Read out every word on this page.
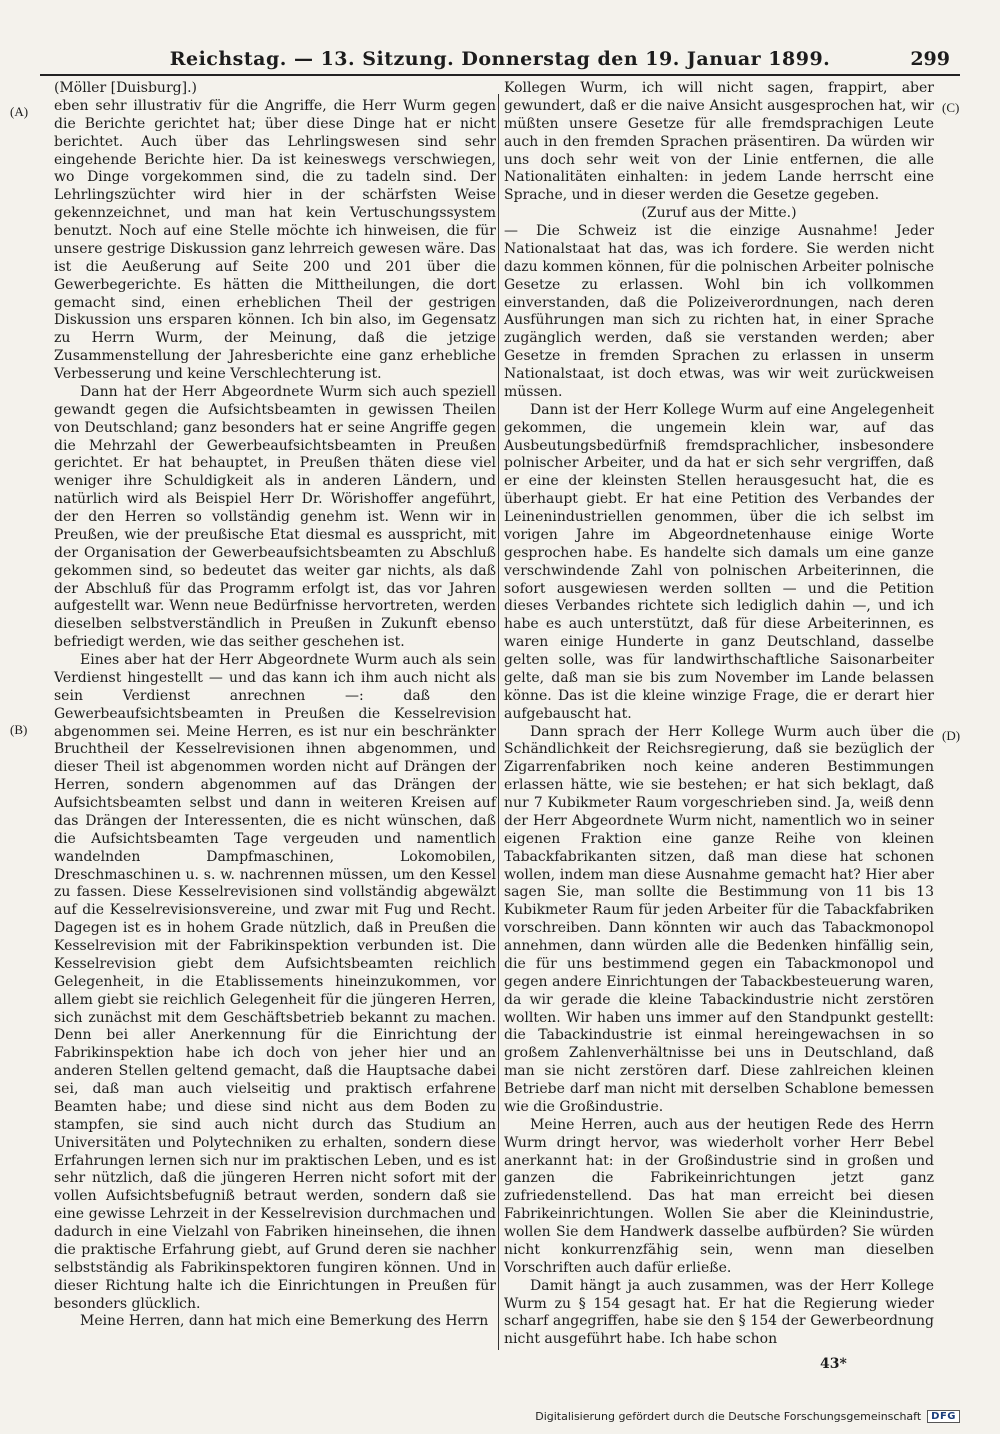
Reichstag. — 13. Sitzung. Donnerstag den 19. Januar 1899.	299
(A)
(B)
(C)
(D)

(Möller [Duisburg].)

eben sehr illustrativ für die Angriffe, die Herr Wurm gegen die Berichte gerichtet hat; über diese Dinge hat er nicht berichtet. Auch über das Lehrlingswesen sind sehr eingehende Berichte hier. Da ist keineswegs verschwiegen, wo Dinge vorgekommen sind, die zu tadeln sind. Der Lehrlingszüchter wird hier in der schärfsten Weise gekennzeichnet, und man hat kein Vertuschungssystem benutzt. Noch auf eine Stelle möchte ich hinweisen, die für unsere gestrige Diskussion ganz lehrreich gewesen wäre. Das ist die Aeußerung auf Seite 200 und 201 über die Gewerbegerichte. Es hätten die Mittheilungen, die dort gemacht sind, einen erheblichen Theil der gestrigen Diskussion uns ersparen können. Ich bin also, im Gegensatz zu Herrn Wurm, der Meinung, daß die jetzige Zusammenstellung der Jahresberichte eine ganz erhebliche Verbesserung und keine Verschlechterung ist.

Dann hat der Herr Abgeordnete Wurm sich auch speziell gewandt gegen die Aufsichtsbeamten in gewissen Theilen von Deutschland; ganz besonders hat er seine Angriffe gegen die Mehrzahl der Gewerbeaufsichtsbeamten in Preußen gerichtet. Er hat behauptet, in Preußen thäten diese viel weniger ihre Schuldigkeit als in anderen Ländern, und natürlich wird als Beispiel Herr Dr. Wörishoffer angeführt, der den Herren so vollständig genehm ist. Wenn wir in Preußen, wie der preußische Etat diesmal es ausspricht, mit der Organisation der Gewerbeaufsichtsbeamten zu Abschluß gekommen sind, so bedeutet das weiter gar nichts, als daß der Abschluß für das Programm erfolgt ist, das vor Jahren aufgestellt war. Wenn neue Bedürfnisse hervortreten, werden dieselben selbstverständlich in Preußen in Zukunft ebenso befriedigt werden, wie das seither geschehen ist.

Eines aber hat der Herr Abgeordnete Wurm auch als sein Verdienst hingestellt — und das kann ich ihm auch nicht als sein Verdienst anrechnen —: daß den Gewerbeaufsichtsbeamten in Preußen die Kesselrevision abgenommen sei. Meine Herren, es ist nur ein beschränkter Bruchtheil der Kesselrevisionen ihnen abgenommen, und dieser Theil ist abgenommen worden nicht auf Drängen der Herren, sondern abgenommen auf das Drängen der Aufsichtsbeamten selbst und dann in weiteren Kreisen auf das Drängen der Interessenten, die es nicht wünschen, daß die Aufsichtsbeamten Tage vergeuden und namentlich wandelnden Dampfmaschinen, Lokomobilen, Dreschmaschinen u. s. w. nachrennen müssen, um den Kessel zu fassen. Diese Kesselrevisionen sind vollständig abgewälzt auf die Kesselrevisionsvereine, und zwar mit Fug und Recht. Dagegen ist es in hohem Grade nützlich, daß in Preußen die Kesselrevision mit der Fabrikinspektion verbunden ist. Die Kesselrevision giebt dem Aufsichtsbeamten reichlich Gelegenheit, in die Etablissements hineinzukommen, vor allem giebt sie reichlich Gelegenheit für die jüngeren Herren, sich zunächst mit dem Geschäftsbetrieb bekannt zu machen. Denn bei aller Anerkennung für die Einrichtung der Fabrikinspektion habe ich doch von jeher hier und an anderen Stellen geltend gemacht, daß die Hauptsache dabei sei, daß man auch vielseitig und praktisch erfahrene Beamten habe; und diese sind nicht aus dem Boden zu stampfen, sie sind auch nicht durch das Studium an Universitäten und Polytechniken zu erhalten, sondern diese Erfahrungen lernen sich nur im praktischen Leben, und es ist sehr nützlich, daß die jüngeren Herren nicht sofort mit der vollen Aufsichtsbefugniß betraut werden, sondern daß sie eine gewisse Lehrzeit in der Kesselrevision durchmachen und dadurch in eine Vielzahl von Fabriken hineinsehen, die ihnen die praktische Erfahrung giebt, auf Grund deren sie nachher selbstständig als Fabrikinspektoren fungiren können. Und in dieser Richtung halte ich die Einrichtungen in Preußen für besonders glücklich.

Meine Herren, dann hat mich eine Bemerkung des Herrn

Kollegen Wurm, ich will nicht sagen, frappirt, aber gewundert, daß er die naive Ansicht ausgesprochen hat, wir müßten unsere Gesetze für alle fremdsprachigen Leute auch in den fremden Sprachen präsentiren. Da würden wir uns doch sehr weit von der Linie entfernen, die alle Nationalitäten einhalten: in jedem Lande herrscht eine Sprache, und in dieser werden die Gesetze gegeben.

(Zuruf aus der Mitte.)

— Die Schweiz ist die einzige Ausnahme! Jeder Nationalstaat hat das, was ich fordere. Sie werden nicht dazu kommen können, für die polnischen Arbeiter polnische Gesetze zu erlassen. Wohl bin ich vollkommen einverstanden, daß die Polizeiverordnungen, nach deren Ausführungen man sich zu richten hat, in einer Sprache zugänglich werden, daß sie verstanden werden; aber Gesetze in fremden Sprachen zu erlassen in unserm Nationalstaat, ist doch etwas, was wir weit zurückweisen müssen.

Dann ist der Herr Kollege Wurm auf eine Angelegenheit gekommen, die ungemein klein war, auf das Ausbeutungsbedürfniß fremdsprachlicher, insbesondere polnischer Arbeiter, und da hat er sich sehr vergriffen, daß er eine der kleinsten Stellen herausgesucht hat, die es überhaupt giebt. Er hat eine Petition des Verbandes der Leinenindustriellen genommen, über die ich selbst im vorigen Jahre im Abgeordnetenhause einige Worte gesprochen habe. Es handelte sich damals um eine ganze verschwindende Zahl von polnischen Arbeiterinnen, die sofort ausgewiesen werden sollten — und die Petition dieses Verbandes richtete sich lediglich dahin —, und ich habe es auch unterstützt, daß für diese Arbeiterinnen, es waren einige Hunderte in ganz Deutschland, dasselbe gelten solle, was für landwirthschaftliche Saisonarbeiter gelte, daß man sie bis zum November im Lande belassen könne. Das ist die kleine winzige Frage, die er derart hier aufgebauscht hat.

Dann sprach der Herr Kollege Wurm auch über die Schändlichkeit der Reichsregierung, daß sie bezüglich der Zigarrenfabriken noch keine anderen Bestimmungen erlassen hätte, wie sie bestehen; er hat sich beklagt, daß nur 7 Kubikmeter Raum vorgeschrieben sind. Ja, weiß denn der Herr Abgeordnete Wurm nicht, namentlich wo in seiner eigenen Fraktion eine ganze Reihe von kleinen Tabackfabrikanten sitzen, daß man diese hat schonen wollen, indem man diese Ausnahme gemacht hat? Hier aber sagen Sie, man sollte die Bestimmung von 11 bis 13 Kubikmeter Raum für jeden Arbeiter für die Tabackfabriken vorschreiben. Dann könnten wir auch das Tabackmonopol annehmen, dann würden alle die Bedenken hinfällig sein, die für uns bestimmend gegen ein Tabackmonopol und gegen andere Einrichtungen der Tabackbesteuerung waren, da wir gerade die kleine Tabackindustrie nicht zerstören wollten. Wir haben uns immer auf den Standpunkt gestellt: die Tabackindustrie ist einmal hereingewachsen in so großem Zahlenverhältnisse bei uns in Deutschland, daß man sie nicht zerstören darf. Diese zahlreichen kleinen Betriebe darf man nicht mit derselben Schablone bemessen wie die Großindustrie.

Meine Herren, auch aus der heutigen Rede des Herrn Wurm dringt hervor, was wiederholt vorher Herr Bebel anerkannt hat: in der Großindustrie sind in großen und ganzen die Fabrikeinrichtungen jetzt ganz zufriedenstellend. Das hat man erreicht bei diesen Fabrikeinrichtungen. Wollen Sie aber die Kleinindustrie, wollen Sie dem Handwerk dasselbe aufbürden? Sie würden nicht konkurrenzfähig sein, wenn man dieselben Vorschriften auch dafür erließe.

Damit hängt ja auch zusammen, was der Herr Kollege Wurm zu § 154 gesagt hat. Er hat die Regierung wieder scharf angegriffen, habe sie den § 154 der Gewerbeordnung nicht ausgeführt habe. Ich habe schon

43*
Digitalisierung gefördert durch die Deutsche Forschungsgemeinschaft	DFG
